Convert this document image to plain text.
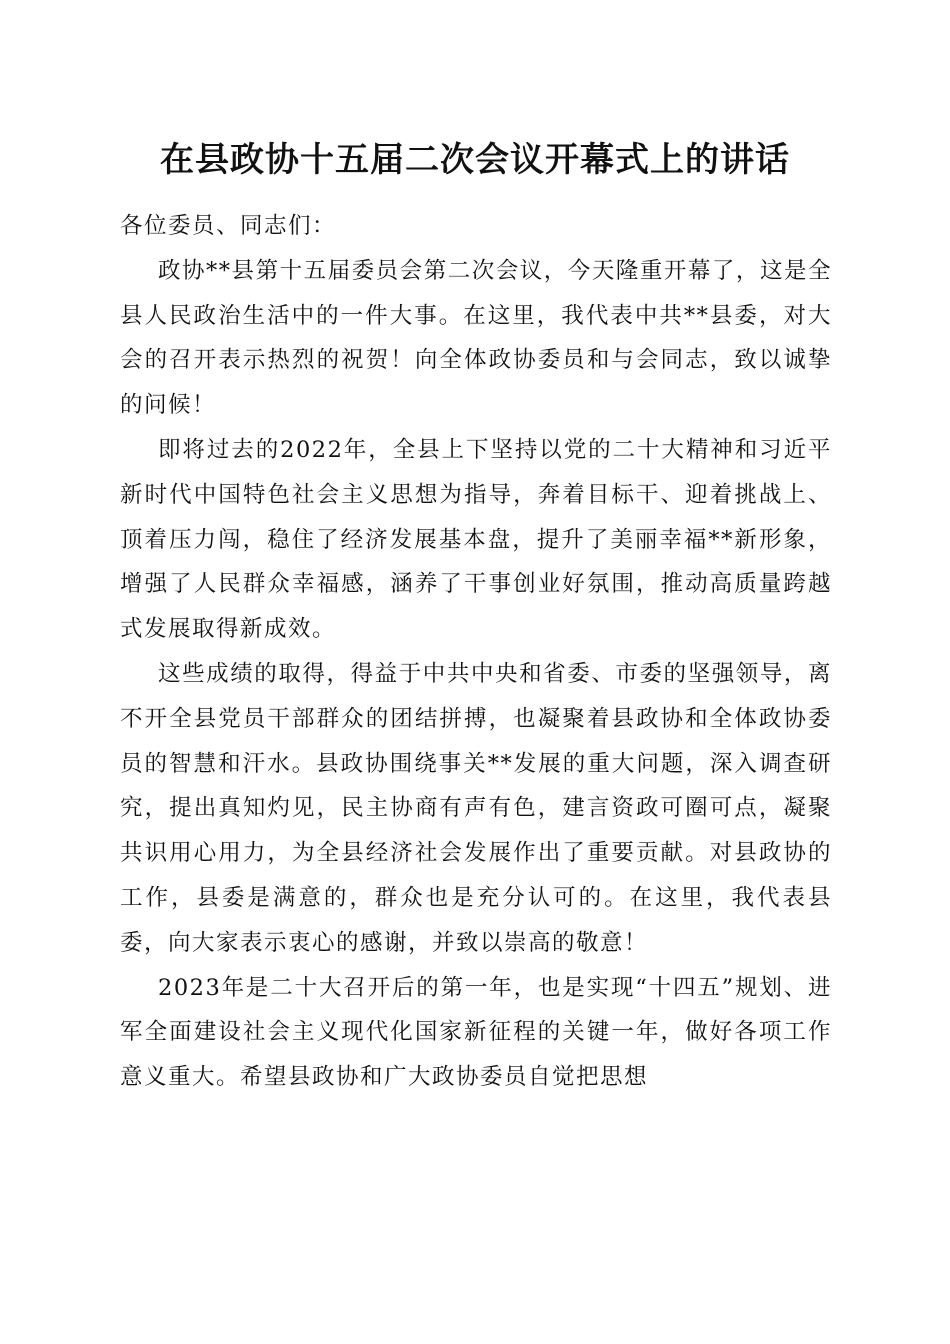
在县政协十五届二次会议开幕式上的讲话

各位委员、同志们：

政协**县第十五届委员会第二次会议，今天隆重开幕了，这是全县人民政治生活中的一件大事。在这里，我代表中共**县委，对大会的召开表示热烈的祝贺！向全体政协委员和与会同志，致以诚挚的问候！

即将过去的2022年，全县上下坚持以党的二十大精神和习近平新时代中国特色社会主义思想为指导，奔着目标干、迎着挑战上、顶着压力闯，稳住了经济发展基本盘，提升了美丽幸福**新形象，增强了人民群众幸福感，涵养了干事创业好氛围，推动高质量跨越式发展取得新成效。

这些成绩的取得，得益于中共中央和省委、市委的坚强领导，离不开全县党员干部群众的团结拼搏，也凝聚着县政协和全体政协委员的智慧和汗水。县政协围绕事关**发展的重大问题，深入调查研究，提出真知灼见，民主协商有声有色，建言资政可圈可点，凝聚共识用心用力，为全县经济社会发展作出了重要贡献。对县政协的工作，县委是满意的，群众也是充分认可的。在这里，我代表县委，向大家表示衷心的感谢，并致以崇高的敬意！

2023年是二十大召开后的第一年，也是实现“十四五”规划、进军全面建设社会主义现代化国家新征程的关键一年，做好各项工作意义重大。希望县政协和广大政协委员自觉把思想
